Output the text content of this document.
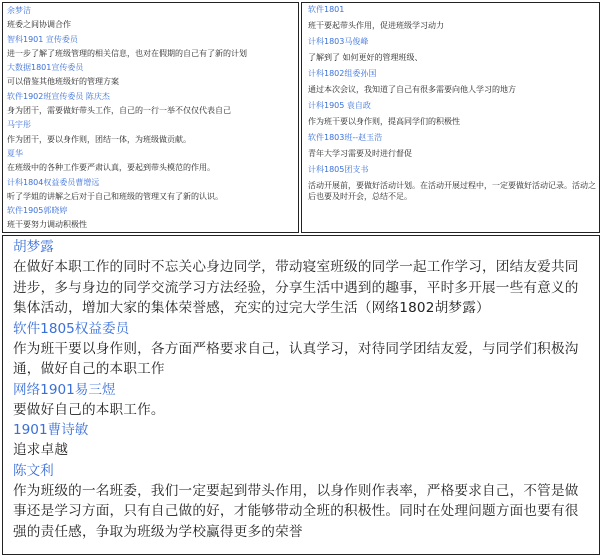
余梦洁
班委之间协调合作
智科1901 宣传委员
进一步了解了班级管理的相关信息，也对在假期的自己有了新的计划
大数据1801宣传委员
可以借鉴其他班级好的管理方案
软件1902班宣传委员 陈庆杰
身为团干，需要做好带头工作，自己的一行一举不仅仅代表自己
马宇彤
作为团干，要以身作则，团结一体，为班级做贡献。
夏华
在班级中的各种工作要严肃认真，要起到带头模范的作用。
计科1804权益委员曹增远
听了学姐的讲解之后对于自己和班级的管理又有了新的认识。
软件1905郭晓婷
班干要努力调动积极性
软件1801
班干要起带头作用，促进班级学习动力
计科1803马俊峰
了解到了 如何更好的管理班级、
计科1802组委孙国
通过本次会议，我知道了自己有很多需要向他人学习的地方
计科1905 袁自政
作为班干要以身作则，提高同学们的积极性
软件1803班--赵玉浩
青年大学习需要及时进行督促
计科1805团支书
活动开展前，要做好活动计划。在活动开展过程中，一定要做好活动记录。活动之后也要及时开会，总结不足。
胡梦露
在做好本职工作的同时不忘关心身边同学，带动寝室班级的同学一起工作学习，团结友爱共同进步，多与身边的同学交流学习方法经验，分享生活中遇到的趣事，平时多开展一些有意义的集体活动，增加大家的集体荣誉感，充实的过完大学生活（网络1802胡梦露）
软件1805权益委员
作为班干要以身作则，各方面严格要求自己，认真学习，对待同学团结友爱，与同学们积极沟通，做好自己的本职工作
网络1901易三煜
要做好自己的本职工作。
1901曹诗敏
追求卓越
陈文利
作为班级的一名班委，我们一定要起到带头作用，以身作则作表率，严格要求自己，不管是做事还是学习方面，只有自己做的好，才能够带动全班的积极性。同时在处理问题方面也要有很强的责任感，争取为班级为学校赢得更多的荣誉
